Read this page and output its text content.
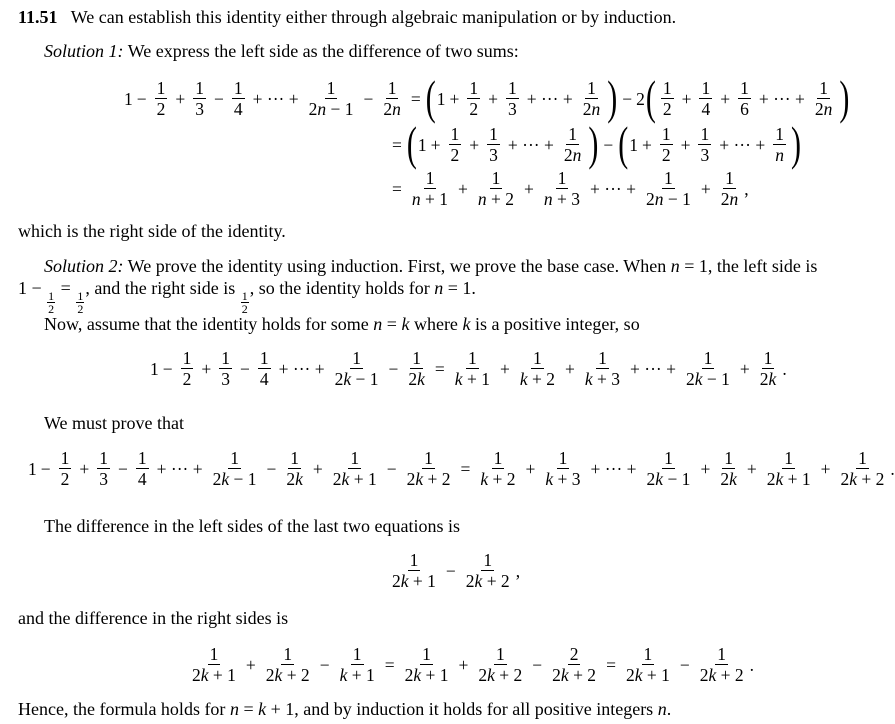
11.51 We can establish this identity either through algebraic manipulation or by induction.
Solution 1: We express the left side as the difference of two sums:
$1 - \frac{1}{2} + \frac{1}{3} - \frac{1}{4}$ + ··· + $\frac{1}{2n - 1} - \frac{1}{2n}$ = ( $1 + \frac{1}{2} + \frac{1}{3}$ + ··· + $\frac{1}{2n}$ ) − 2 ( 1
2
+ $\frac{1}{4} + \frac{1}{6}$ + ··· + $\frac{1}{2n}$ )
= ( $1 + \frac{1}{2} + \frac{1}{3}$ + ··· + $\frac{1}{2n}$ ) − ( $1 + \frac{1}{2} + \frac{1}{3}$ + ··· + $\frac{1}{n}$ )
= $\frac{1}{n + 1} + \frac{1}{n + 2} + \frac{1}{n + 3}$ + ··· + $\frac{1}{2n - 1} + \frac{1}{2n}$ ,
which is the right side of the identity.
Solution 2: We prove the identity using induction. First, we prove the base case. When n = 1, the left side is
1 −
$\frac{1}{2}$
=
$\frac{1}{2}$
, and the right side is
$\frac{1}{2}$
, so the identity holds for n = 1.
Now, assume that the identity holds for some n = k where k is a positive integer, so
$1 - \frac{1}{2} + \frac{1}{3} - \frac{1}{4}$ + ··· + $\frac{1}{2k - 1} - \frac{1}{2k} = \frac{1}{k + 1} + \frac{1}{k + 2} + \frac{1}{k + 3}$ + ··· + $\frac{1}{2k - 1} + \frac{1}{2k}$ .
We must prove that
$1 - \frac{1}{2} + \frac{1}{3} - \frac{1}{4}$ + ··· + $\frac{1}{2k - 1} - \frac{1}{2k} + \frac{1}{2k + 1} - \frac{1}{2k + 2} = \frac{1}{k + 2} + \frac{1}{k + 3}$ + ··· + $\frac{1}{2k - 1} + \frac{1}{2k} + \frac{1}{2k + 1} + \frac{1}{2k + 2}$ .
The difference in the left sides of the last two equations is
1
2k + 1
− $\frac{1}{2k + 2}$ ,
and the difference in the right sides is
1
2k + 1
+ $\frac{1}{2k + 2} - \frac{1}{k + 1} = \frac{1}{2k + 1} + \frac{1}{2k + 2} - \frac{2}{2k + 2} = \frac{1}{2k + 1} - \frac{1}{2k + 2}$ .
Hence, the formula holds for n = k + 1, and by induction it holds for all positive integers n.
